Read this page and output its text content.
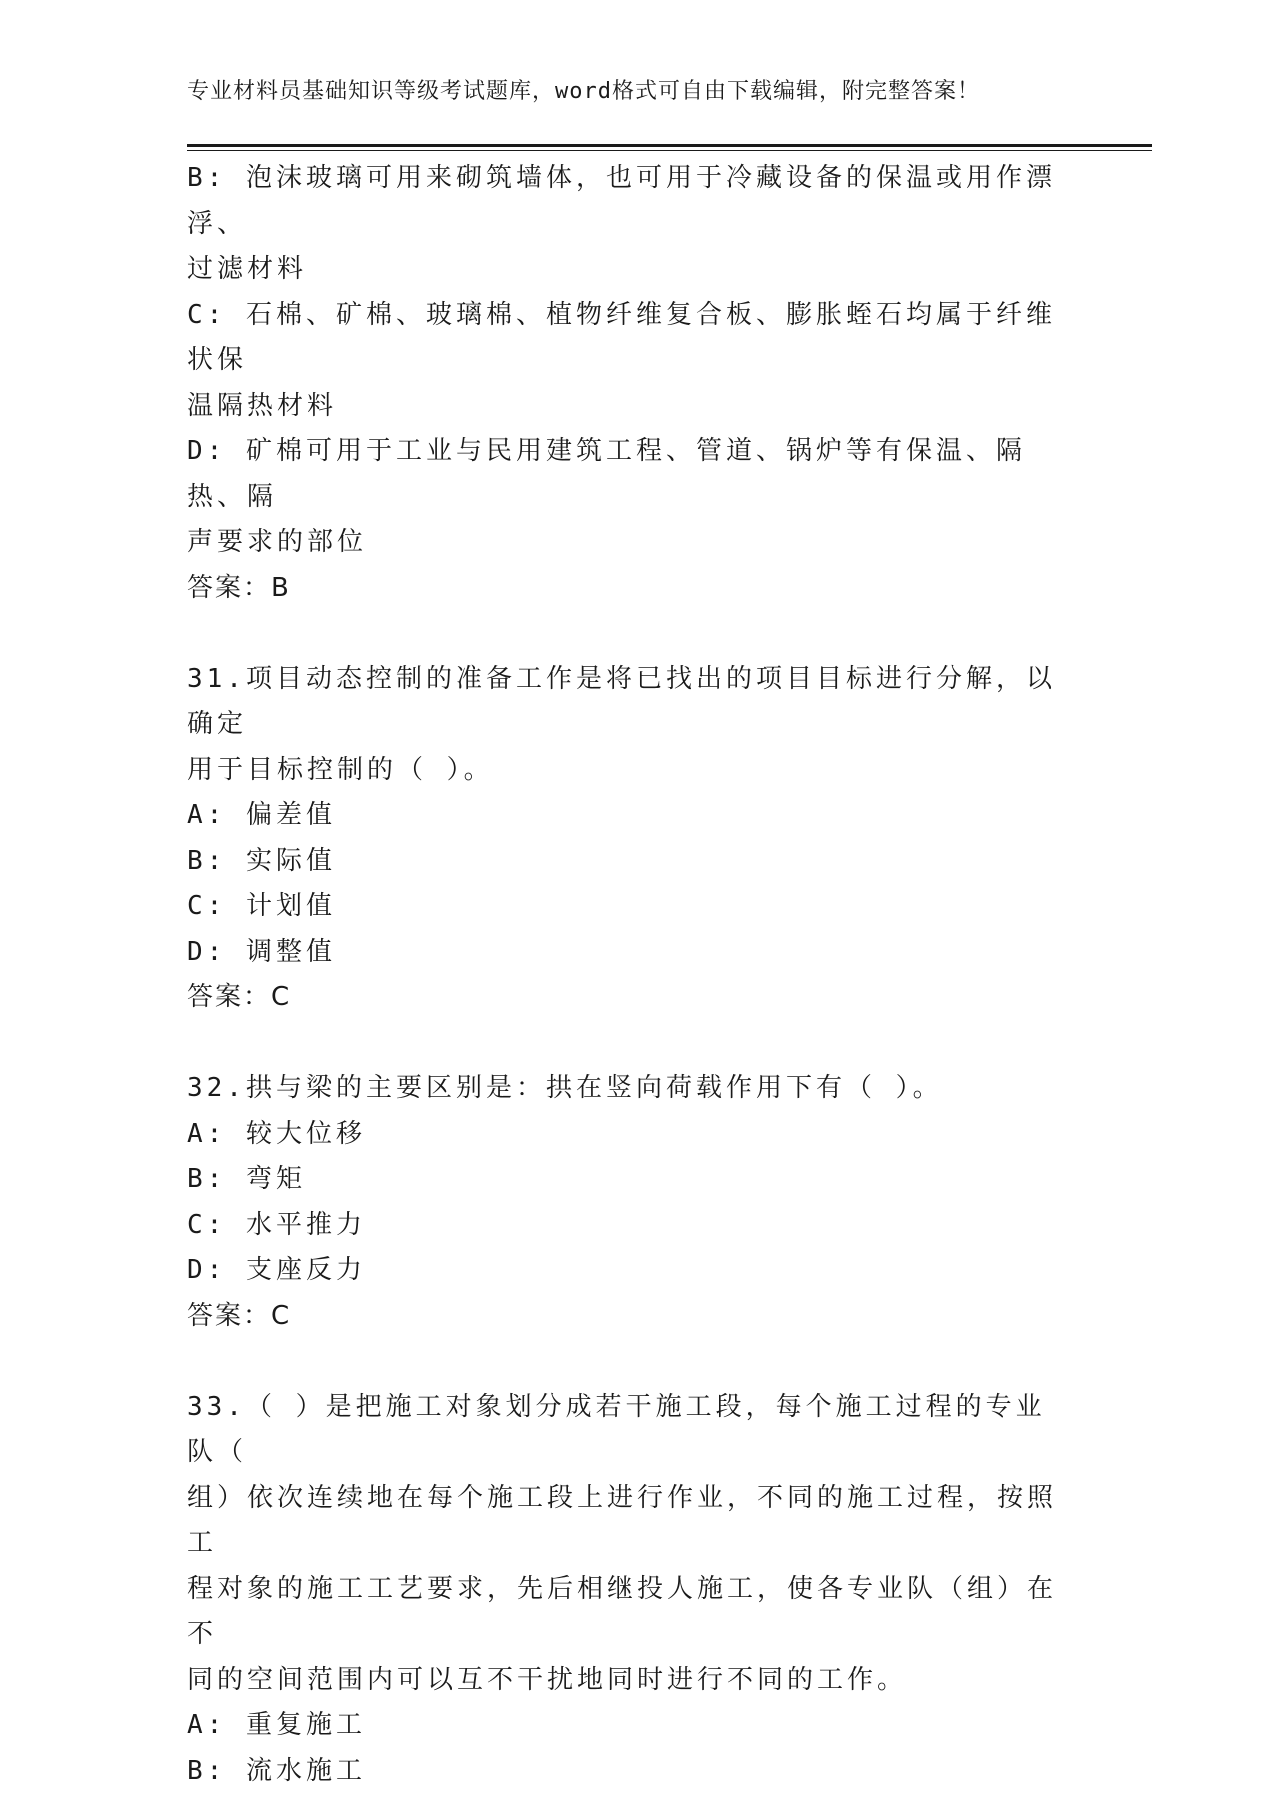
专业材料员基础知识等级考试题库，word格式可自由下载编辑，附完整答案！
B: 泡沫玻璃可用来砌筑墙体，也可用于冷藏设备的保温或用作漂浮、
过滤材料
C: 石棉、矿棉、玻璃棉、植物纤维复合板、膨胀蛭石均属于纤维状保
温隔热材料
D: 矿棉可用于工业与民用建筑工程、管道、锅炉等有保温、隔热、隔
声要求的部位
答案：B
31.项目动态控制的准备工作是将已找出的项目目标进行分解，以确定
用于目标控制的（ ）。
A: 偏差值
B: 实际值
C: 计划值
D: 调整值
答案：C
32.拱与梁的主要区别是：拱在竖向荷载作用下有（ ）。
A: 较大位移
B: 弯矩
C: 水平推力
D: 支座反力
答案：C
33.（ ）是把施工对象划分成若干施工段，每个施工过程的专业队（
组）依次连续地在每个施工段上进行作业，不同的施工过程，按照工
程对象的施工工艺要求，先后相继投人施工，使各专业队（组）在不
同的空间范围内可以互不干扰地同时进行不同的工作。
A: 重复施工
B: 流水施工
